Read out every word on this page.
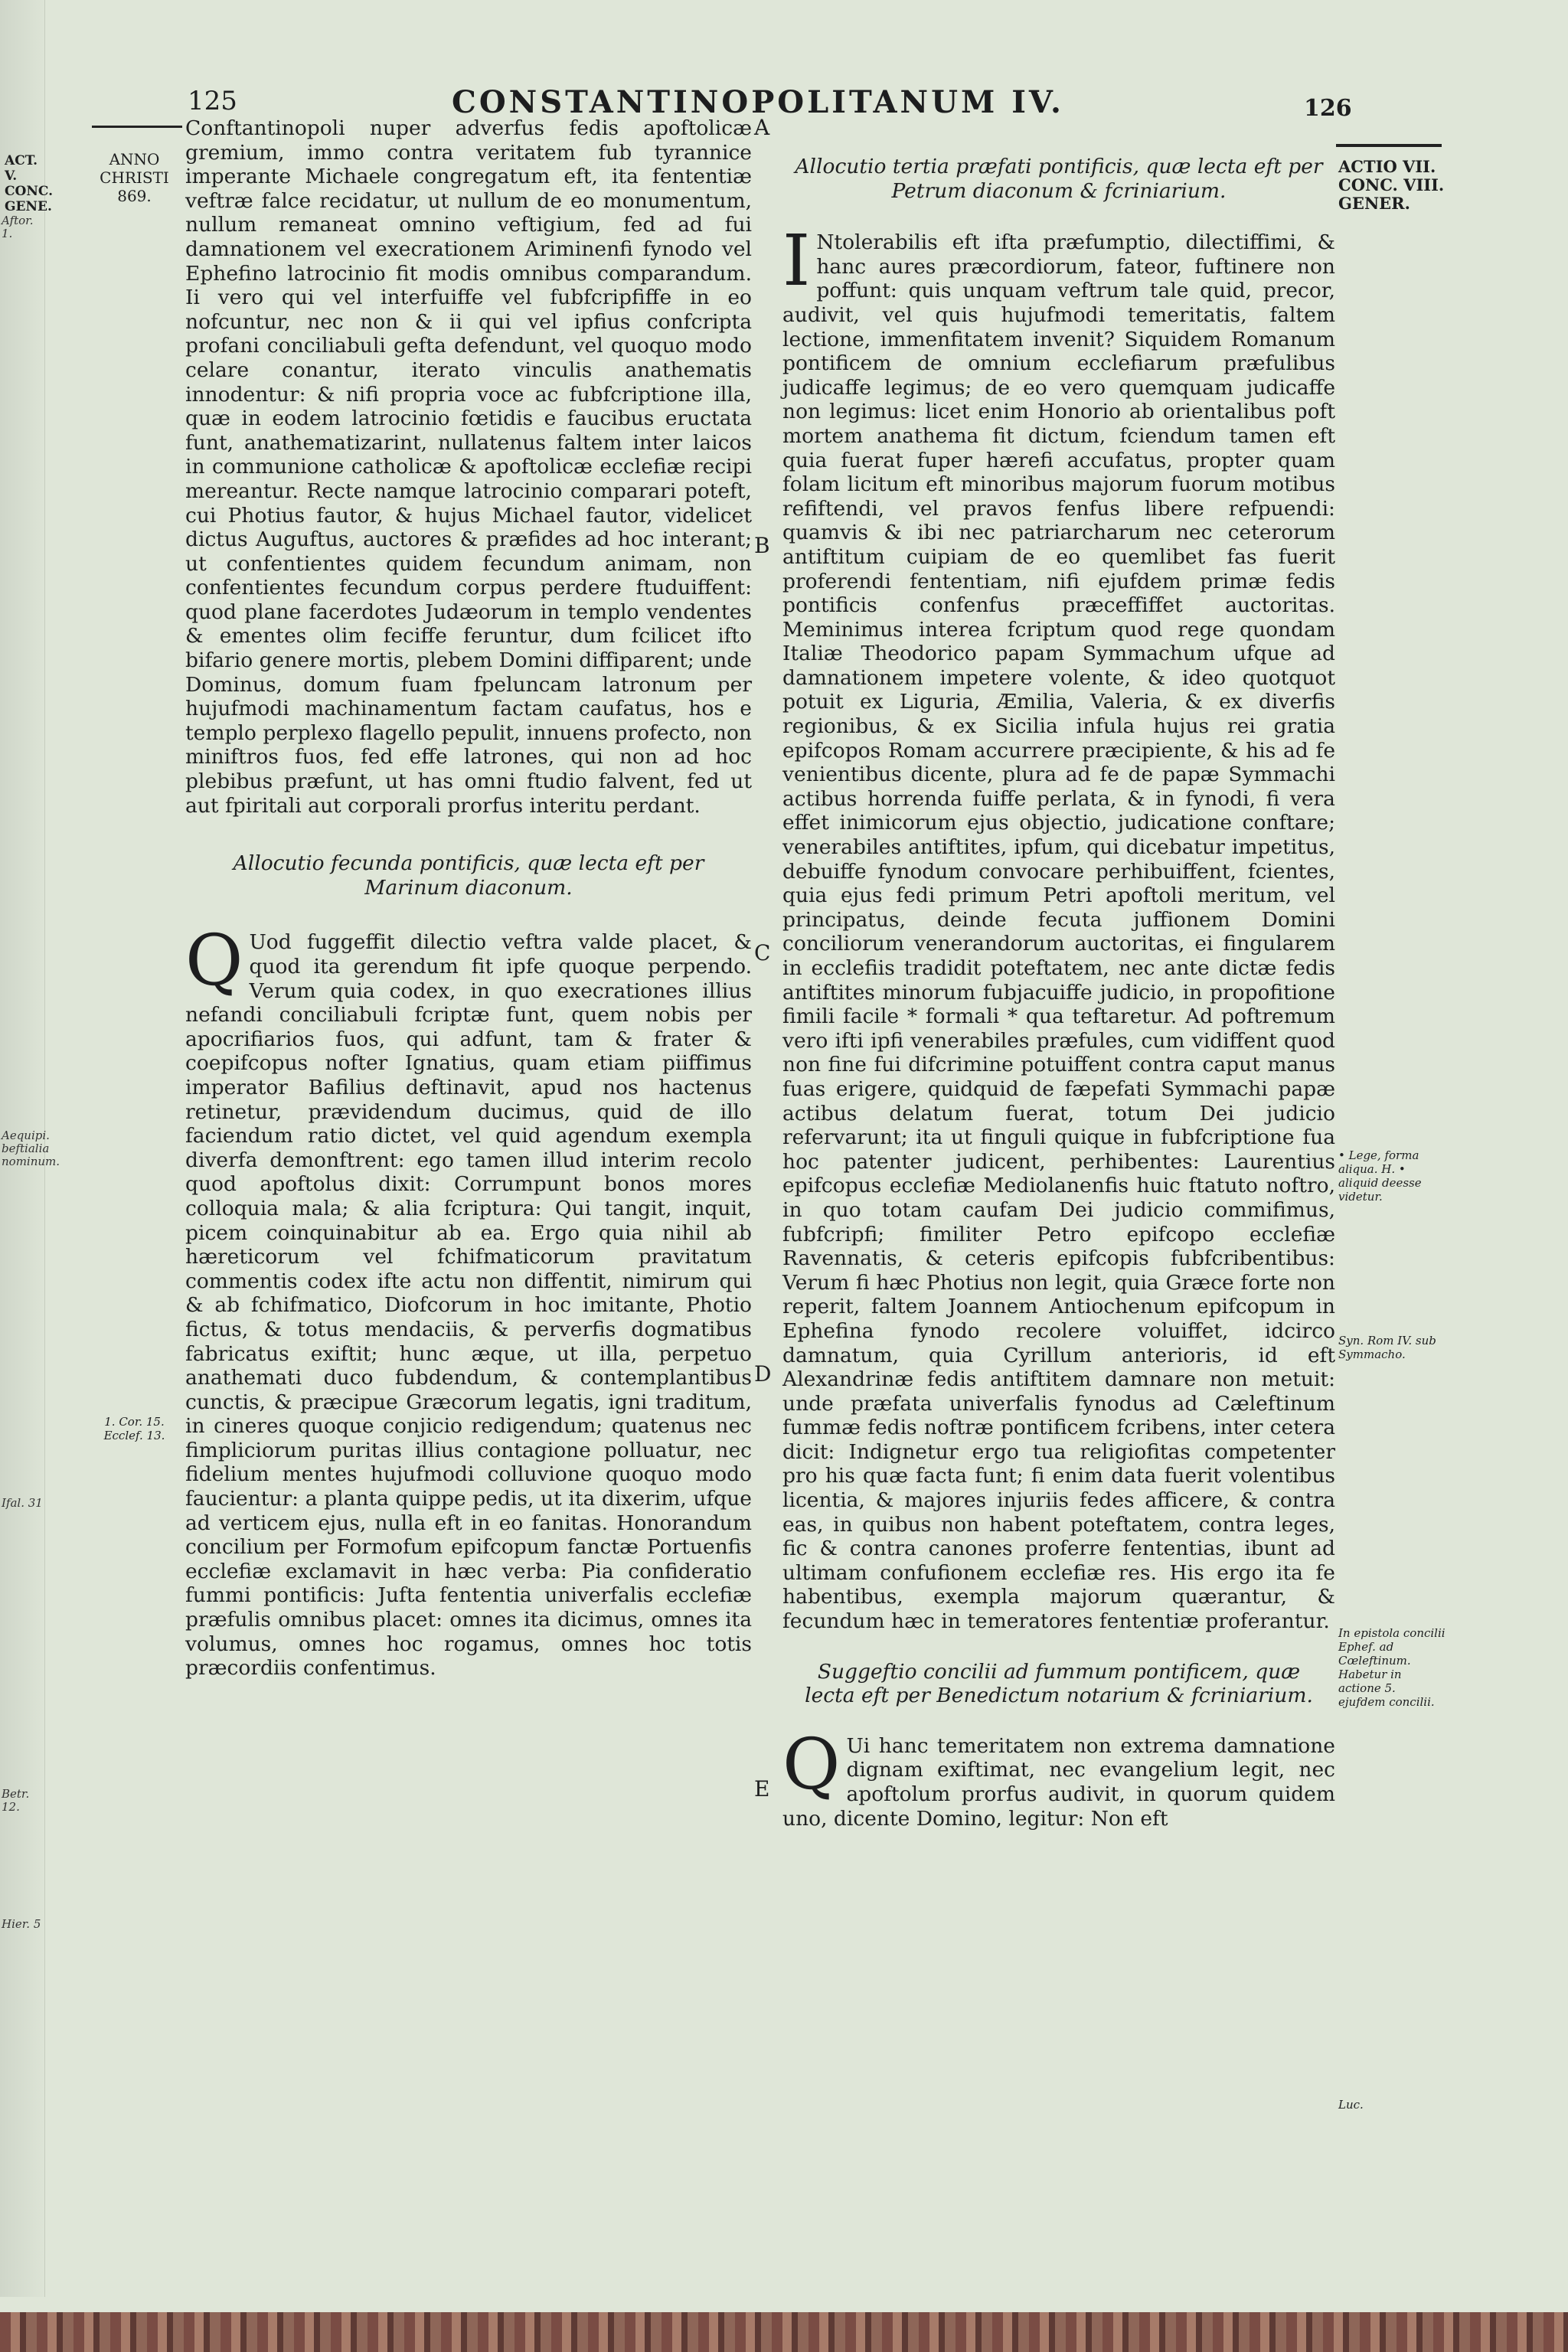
ACT. V. CONC. GENE.
Aftor. 1.
Aequipi. beftialia nominum.
Ifal. 31
Betr. 12.
Hier. 5
125	CONSTANTINOPOLITANUM IV.	126
ANNO
CHRISTI
869.
1. Cor. 15.
Ecclef. 13.
A
B
C
D
E
ACTIO VII.
CONC. VIII.
GENER.
• Lege, forma aliqua. H. • aliquid deesse videtur.
Syn. Rom IV. sub Symmacho.
In epistola concilii Ephef. ad Cœleftinum. Habetur in actione 5. ejufdem concilii.
Luc.

Conftantinopoli nuper adverfus fedis apoftolicæ gremium, immo contra veritatem fub tyrannice imperante Michaele congregatum eft, ita fententiæ veftræ falce recidatur, ut nullum de eo monumentum, nullum remaneat omnino veftigium, fed ad fui damnationem vel execrationem Ariminenfi fynodo vel Ephefino latrocinio fit modis omnibus comparandum. Ii vero qui vel interfuiffe vel fubfcripfiffe in eo nofcuntur, nec non & ii qui vel ipfius confcripta profani conciliabuli gefta defendunt, vel quoquo modo celare conantur, iterato vinculis anathematis innodentur: & nifi propria voce ac fubfcriptione illa, quæ in eodem latrocinio fœtidis e faucibus eructata funt, anathematizarint, nullatenus faltem inter laicos in communione catholicæ & apoftolicæ ecclefiæ recipi mereantur. Recte namque latrocinio comparari poteft, cui Photius fautor, & hujus Michael fautor, videlicet dictus Auguftus, auctores & præfides ad hoc interant; ut confentientes quidem fecundum animam, non confentientes fecundum corpus perdere ftuduiffent: quod plane facerdotes Judæorum in templo vendentes & ementes olim feciffe feruntur, dum fcilicet ifto bifario genere mortis, plebem Domini diffiparent; unde Dominus, domum fuam fpeluncam latronum per hujufmodi machinamentum factam caufatus, hos e templo perplexo flagello pepulit, innuens profecto, non miniftros fuos, fed effe latrones, qui non ad hoc plebibus præfunt, ut has omni ftudio falvent, fed ut aut fpiritali aut corporali prorfus interitu perdant.

Allocutio fecunda pontificis, quæ lecta eft per Marinum diaconum.

QUod fuggeffit dilectio veftra valde placet, & quod ita gerendum fit ipfe quoque perpendo. Verum quia codex, in quo execrationes illius nefandi conciliabuli fcriptæ funt, quem nobis per apocrifiarios fuos, qui adfunt, tam & frater & coepifcopus nofter Ignatius, quam etiam piiffimus imperator Bafilius deftinavit, apud nos hactenus retinetur, prævidendum ducimus, quid de illo faciendum ratio dictet, vel quid agendum exempla diverfa demonftrent: ego tamen illud interim recolo quod apoftolus dixit: Corrumpunt bonos mores colloquia mala; & alia fcriptura: Qui tangit, inquit, picem coinquinabitur ab ea. Ergo quia nihil ab hæreticorum vel fchifmaticorum pravitatum commentis codex ifte actu non diffentit, nimirum qui & ab fchifmatico, Diofcorum in hoc imitante, Photio fictus, & totus mendaciis, & perverfis dogmatibus fabricatus exiftit; hunc æque, ut illa, perpetuo anathemati duco fubdendum, & contemplantibus cunctis, & præcipue Græcorum legatis, igni traditum, in cineres quoque conjicio redigendum; quatenus nec fimpliciorum puritas illius contagione polluatur, nec fidelium mentes hujufmodi colluvione quoquo modo faucientur: a planta quippe pedis, ut ita dixerim, ufque ad verticem ejus, nulla eft in eo fanitas. Honorandum concilium per Formofum epifcopum fanctæ Portuenfis ecclefiæ exclamavit in hæc verba: Pia confideratio fummi pontificis: Jufta fententia univerfalis ecclefiæ præfulis omnibus placet: omnes ita dicimus, omnes ita volumus, omnes hoc rogamus, omnes hoc totis præcordiis confentimus.

Allocutio tertia præfati pontificis, quæ lecta eft per Petrum diaconum & fcriniarium.

INtolerabilis eft ifta præfumptio, dilectiffimi, & hanc aures præcordiorum, fateor, fuftinere non poffunt: quis unquam veftrum tale quid, precor, audivit, vel quis hujufmodi temeritatis, faltem lectione, immenfitatem invenit? Siquidem Romanum pontificem de omnium ecclefiarum præfulibus judicaffe legimus; de eo vero quemquam judicaffe non legimus: licet enim Honorio ab orientalibus poft mortem anathema fit dictum, fciendum tamen eft quia fuerat fuper hærefi accufatus, propter quam folam licitum eft minoribus majorum fuorum motibus refiftendi, vel pravos fenfus libere refpuendi: quamvis & ibi nec patriarcharum nec ceterorum antiftitum cuipiam de eo quemlibet fas fuerit proferendi fententiam, nifi ejufdem primæ fedis pontificis confenfus præceffiffet auctoritas. Meminimus interea fcriptum quod rege quondam Italiæ Theodorico papam Symmachum ufque ad damnationem impetere volente, & ideo quotquot potuit ex Liguria, Æmilia, Valeria, & ex diverfis regionibus, & ex Sicilia infula hujus rei gratia epifcopos Romam accurrere præcipiente, & his ad fe venientibus dicente, plura ad fe de papæ Symmachi actibus horrenda fuiffe perlata, & in fynodi, fi vera effet inimicorum ejus objectio, judicatione conftare; venerabiles antiftites, ipfum, qui dicebatur impetitus, debuiffe fynodum convocare perhibuiffent, fcientes, quia ejus fedi primum Petri apoftoli meritum, vel principatus, deinde fecuta juffionem Domini conciliorum venerandorum auctoritas, ei fingularem in ecclefiis tradidit poteftatem, nec ante dictæ fedis antiftites minorum fubjacuiffe judicio, in propofitione fimili facile * formali * qua teftaretur. Ad poftremum vero ifti ipfi venerabiles præfules, cum vidiffent quod non fine fui difcrimine potuiffent contra caput manus fuas erigere, quidquid de fæpefati Symmachi papæ actibus delatum fuerat, totum Dei judicio refervarunt; ita ut finguli quique in fubfcriptione fua hoc patenter judicent, perhibentes: Laurentius epifcopus ecclefiæ Mediolanenfis huic ftatuto noftro, in quo totam caufam Dei judicio commifimus, fubfcripfi; fimiliter Petro epifcopo ecclefiæ Ravennatis, & ceteris epifcopis fubfcribentibus: Verum fi hæc Photius non legit, quia Græce forte non reperit, faltem Joannem Antiochenum epifcopum in Ephefina fynodo recolere voluiffet, idcirco damnatum, quia Cyrillum anterioris, id eft Alexandrinæ fedis antiftitem damnare non metuit: unde præfata univerfalis fynodus ad Cæleftinum fummæ fedis noftræ pontificem fcribens, inter cetera dicit: Indignetur ergo tua religiofitas competenter pro his quæ facta funt; fi enim data fuerit volentibus licentia, & majores injuriis fedes afficere, & contra eas, in quibus non habent poteftatem, contra leges, fic & contra canones proferre fententias, ibunt ad ultimam confufionem ecclefiæ res. His ergo ita fe habentibus, exempla majorum quærantur, & fecundum hæc in temeratores fententiæ proferantur.

Suggeftio concilii ad fummum pontificem, quæ lecta eft per Benedictum notarium & fcriniarium.

QUi hanc temeritatem non extrema damnatione dignam exiftimat, nec evangelium legit, nec apoftolum prorfus audivit, in quorum quidem uno, dicente Domino, legitur: Non eft
